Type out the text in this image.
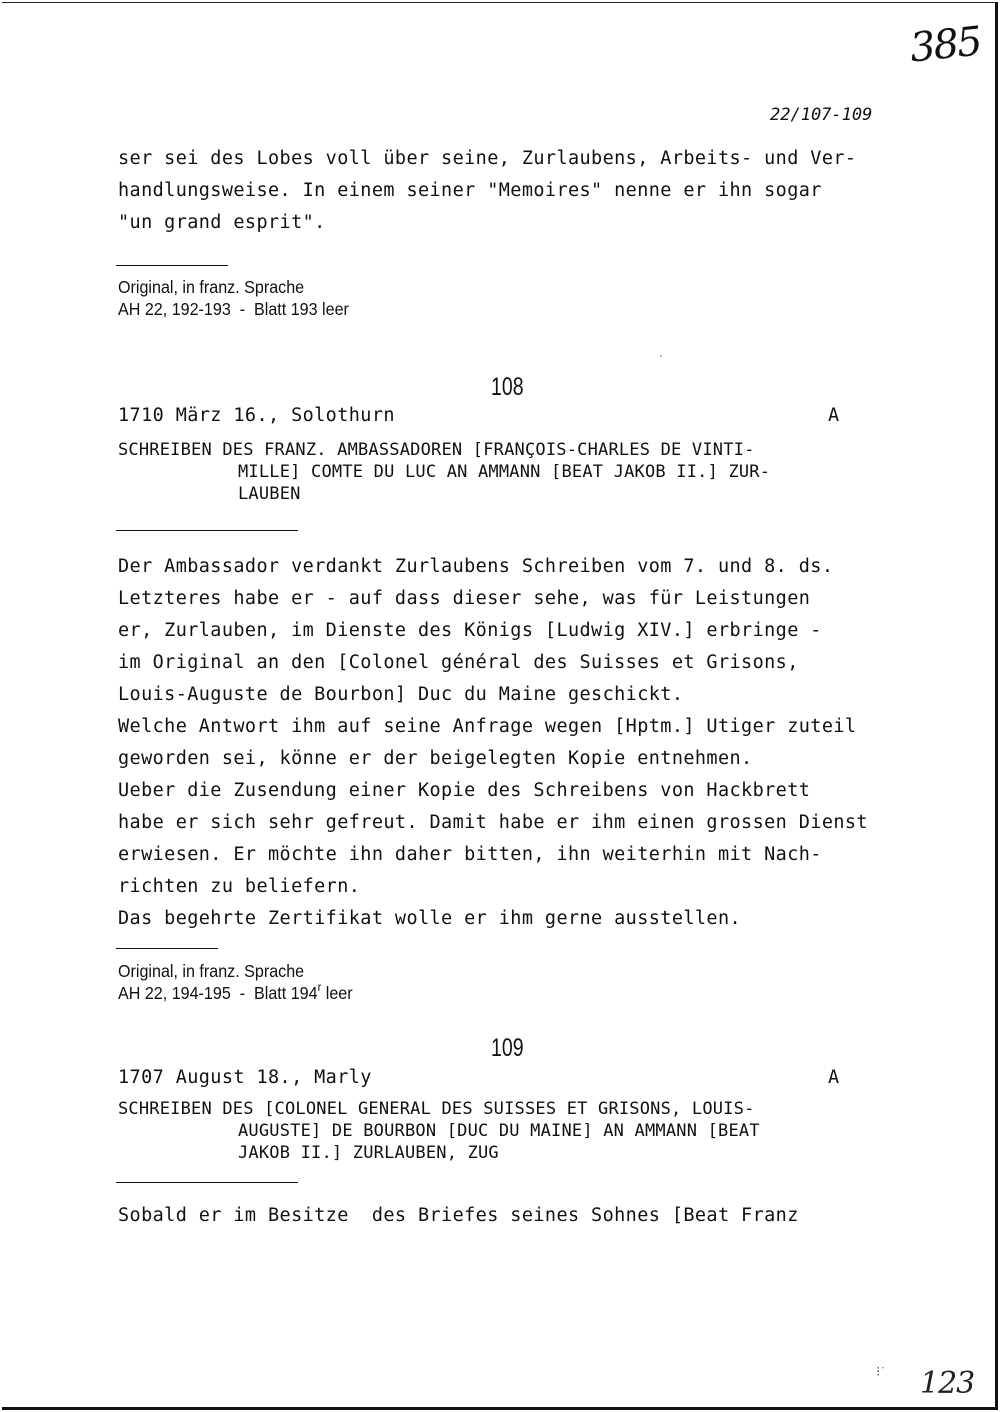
385
22/107-109
ser sei des Lobes voll über seine, Zurlaubens, Arbeits- und Ver-
handlungsweise. In einem seiner "Memoires" nenne er ihn sogar
"un grand esprit".
Original, in franz. Sprache
AH 22, 192-193  -  Blatt 193 leer
108
1710 März 16., Solothurn	A
SCHREIBEN DES FRANZ. AMBASSADOREN [FRANÇOIS-CHARLES DE VINTI-
MILLE] COMTE DU LUC AN AMMANN [BEAT JAKOB II.] ZUR-
LAUBEN
Der Ambassador verdankt Zurlaubens Schreiben vom 7. und 8. ds.
Letzteres habe er - auf dass dieser sehe, was für Leistungen
er, Zurlauben, im Dienste des Königs [Ludwig XIV.] erbringe -
im Original an den [Colonel général des Suisses et Grisons,
Louis-Auguste de Bourbon] Duc du Maine geschickt.
Welche Antwort ihm auf seine Anfrage wegen [Hptm.] Utiger zuteil
geworden sei, könne er der beigelegten Kopie entnehmen.
Ueber die Zusendung einer Kopie des Schreibens von Hackbrett
habe er sich sehr gefreut. Damit habe er ihm einen grossen Dienst
erwiesen. Er möchte ihn daher bitten, ihn weiterhin mit Nach-
richten zu beliefern.
Das begehrte Zertifikat wolle er ihm gerne ausstellen.
Original, in franz. Sprache
AH 22, 194-195  -  Blatt 194$^r$ leer
109
1707 August 18., Marly	A
SCHREIBEN DES [COLONEL GENERAL DES SUISSES ET GRISONS, LOUIS-
AUGUSTE] DE BOURBON [DUC DU MAINE] AN AMMANN [BEAT
JAKOB II.] ZURLAUBEN, ZUG
Sobald er im Besitze  des Briefes seines Sohnes [Beat Franz
⁝˙ 123
